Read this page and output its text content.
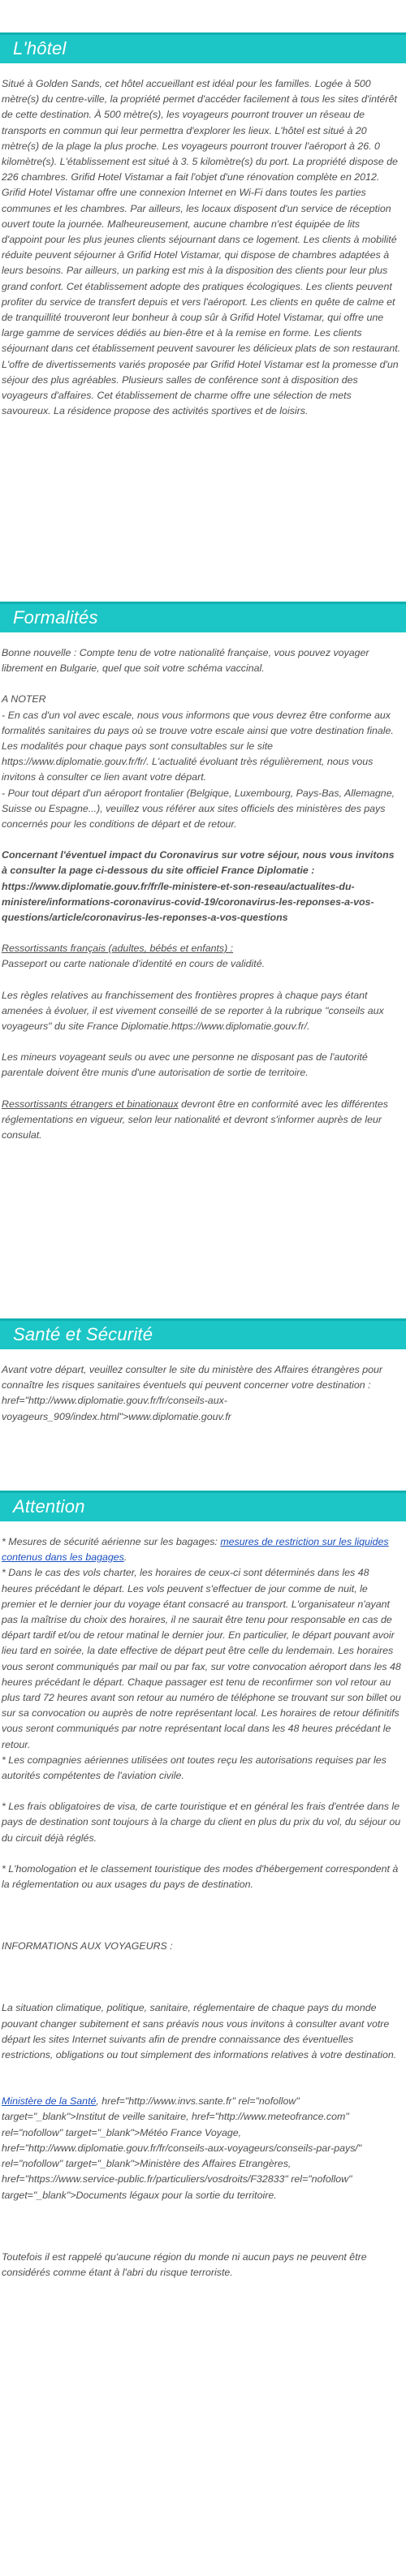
L'hôtel

Situé à Golden Sands, cet hôtel accueillant est idéal pour les familles. Logée à 500 mètre(s) du centre-ville, la propriété permet d'accéder facilement à tous les sites d'intérêt de cette destination. À 500 mètre(s), les voyageurs pourront trouver un réseau de transports en commun qui leur permettra d'explorer les lieux. L'hôtel est situé à 20 mètre(s) de la plage la plus proche. Les voyageurs pourront trouver l'aéroport à 26. 0 kilomètre(s). L'établissement est situé à 3. 5 kilomètre(s) du port. La propriété dispose de 226 chambres. Grifid Hotel Vistamar a fait l'objet d'une rénovation complète en 2012. Grifid Hotel Vistamar offre une connexion Internet en Wi-Fi dans toutes les parties communes et les chambres. Par ailleurs, les locaux disposent d'un service de réception ouvert toute la journée. Malheureusement, aucune chambre n'est équipée de lits d'appoint pour les plus jeunes clients séjournant dans ce logement. Les clients à mobilité réduite peuvent séjourner à Grifid Hotel Vistamar, qui dispose de chambres adaptées à leurs besoins. Par ailleurs, un parking est mis à la disposition des clients pour leur plus grand confort. Cet établissement adopte des pratiques écologiques. Les clients peuvent profiter du service de transfert depuis et vers l'aéroport. Les clients en quête de calme et de tranquillité trouveront leur bonheur à coup sûr à Grifid Hotel Vistamar, qui offre une large gamme de services dédiés au bien-être et à la remise en forme. Les clients séjournant dans cet établissement peuvent savourer les délicieux plats de son restaurant. L'offre de divertissements variés proposée par Grifid Hotel Vistamar est la promesse d'un séjour des plus agréables. Plusieurs salles de conférence sont à disposition des voyageurs d'affaires. Cet établissement de charme offre une sélection de mets savoureux. La résidence propose des activités sportives et de loisirs.

Formalités

Bonne nouvelle : Compte tenu de votre nationalité française, vous pouvez voyager librement en Bulgarie, quel que soit votre schéma vaccinal.

A NOTER

- En cas d'un vol avec escale, nous vous informons que vous devrez être conforme aux formalités sanitaires du pays où se trouve votre escale ainsi que votre destination finale.

Les modalités pour chaque pays sont consultables sur le site https://www.diplomatie.gouv.fr/fr/. L'actualité évoluant très régulièrement, nous vous invitons à consulter ce lien avant votre départ.

- Pour tout départ d'un aéroport frontalier (Belgique, Luxembourg, Pays-Bas, Allemagne, Suisse ou Espagne...), veuillez vous référer aux sites officiels des ministères des pays concernés pour les conditions de départ et de retour.

Concernant l'éventuel impact du Coronavirus sur votre séjour, nous vous invitons à consulter la page ci-dessous du site officiel France Diplomatie : https://www.diplomatie.gouv.fr/fr/le-ministere-et-son-reseau/actualites-du-ministere/informations-coronavirus-covid-19/coronavirus-les-reponses-a-vos-questions/article/coronavirus-les-reponses-a-vos-questions

Ressortissants français (adultes, bébés et enfants) :

Passeport ou carte nationale d'identité en cours de validité.

Les règles relatives au franchissement des frontières propres à chaque pays étant amenées à évoluer, il est vivement conseillé de se reporter à la rubrique "conseils aux voyageurs" du site France Diplomatie.https://www.diplomatie.gouv.fr/.

Les mineurs voyageant seuls ou avec une personne ne disposant pas de l'autorité parentale doivent être munis d'une autorisation de sortie de territoire.

Ressortissants étrangers et binationaux devront être en conformité avec les différentes réglementations en vigueur, selon leur nationalité et devront s'informer auprès de leur consulat.

Santé et Sécurité

Avant votre départ, veuillez consulter le site du ministère des Affaires étrangères pour connaître les risques sanitaires éventuels qui peuvent concerner votre destination : href="http://www.diplomatie.gouv.fr/fr/conseils-aux-voyageurs_909/index.html">www.diplomatie.gouv.fr

Attention

* Mesures de sécurité aérienne sur les bagages: mesures de restriction sur les liquides contenus dans les bagages.

* Dans le cas des vols charter, les horaires de ceux-ci sont déterminés dans les 48 heures précédant le départ. Les vols peuvent s'effectuer de jour comme de nuit, le premier et le dernier jour du voyage étant consacré au transport. L'organisateur n'ayant pas la maîtrise du choix des horaires, il ne saurait être tenu pour responsable en cas de départ tardif et/ou de retour matinal le dernier jour. En particulier, le départ pouvant avoir lieu tard en soirée, la date effective de départ peut être celle du lendemain. Les horaires vous seront communiqués par mail ou par fax, sur votre convocation aéroport dans les 48 heures précédant le départ. Chaque passager est tenu de reconfirmer son vol retour au plus tard 72 heures avant son retour au numéro de téléphone se trouvant sur son billet ou sur sa convocation ou auprès de notre représentant local. Les horaires de retour définitifs vous seront communiqués par notre représentant local dans les 48 heures précédant le retour.

* Les compagnies aériennes utilisées ont toutes reçu les autorisations requises par les autorités compétentes de l'aviation civile.

* Les frais obligatoires de visa, de carte touristique et en général les frais d'entrée dans le pays de destination sont toujours à la charge du client en plus du prix du vol, du séjour ou du circuit déjà réglés.

* L'homologation et le classement touristique des modes d'hébergement correspondent à la réglementation ou aux usages du pays de destination.

INFORMATIONS AUX VOYAGEURS :

La situation climatique, politique, sanitaire, réglementaire de chaque pays du monde pouvant changer subitement et sans préavis nous vous invitons à consulter avant votre départ les sites Internet suivants afin de prendre connaissance des éventuelles restrictions, obligations ou tout simplement des informations relatives à votre destination.

Ministère de la Santé, href="http://www.invs.sante.fr" rel="nofollow" target="_blank">Institut de veille sanitaire, href="http://www.meteofrance.com" rel="nofollow" target="_blank">Météo France Voyage, href="http://www.diplomatie.gouv.fr/fr/conseils-aux-voyageurs/conseils-par-pays/" rel="nofollow" target="_blank">Ministère des Affaires Etrangères, href="https://www.service-public.fr/particuliers/vosdroits/F32833" rel="nofollow" target="_blank">Documents légaux pour la sortie du territoire.

Toutefois il est rappelé qu'aucune région du monde ni aucun pays ne peuvent être considérés comme étant à l'abri du risque terroriste.
